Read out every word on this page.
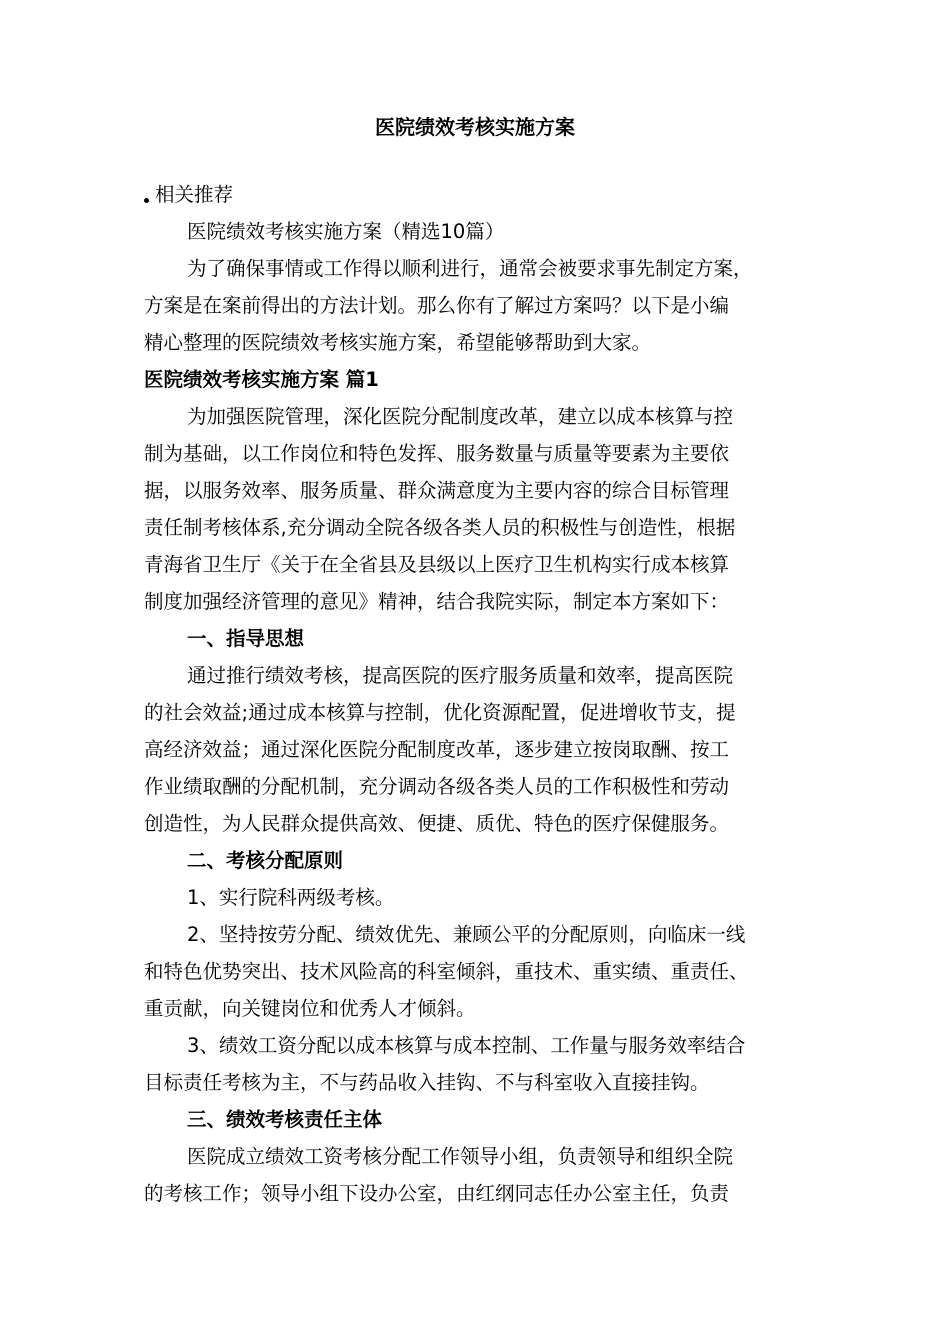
医院绩效考核实施方案
相关推荐
医院绩效考核实施方案（精选10篇）
为了确保事情或工作得以顺利进行，通常会被要求事先制定方案，
方案是在案前得出的方法计划。那么你有了解过方案吗？以下是小编
精心整理的医院绩效考核实施方案，希望能够帮助到大家。
医院绩效考核实施方案 篇1
为加强医院管理，深化医院分配制度改革，建立以成本核算与控
制为基础，以工作岗位和特色发挥、服务数量与质量等要素为主要依
据，以服务效率、服务质量、群众满意度为主要内容的综合目标管理
责任制考核体系,充分调动全院各级各类人员的积极性与创造性，根据
青海省卫生厅《关于在全省县及县级以上医疗卫生机构实行成本核算
制度加强经济管理的意见》精神，结合我院实际，制定本方案如下：
一、指导思想
通过推行绩效考核，提高医院的医疗服务质量和效率，提高医院
的社会效益;通过成本核算与控制，优化资源配置，促进增收节支，提
高经济效益；通过深化医院分配制度改革，逐步建立按岗取酬、按工
作业绩取酬的分配机制，充分调动各级各类人员的工作积极性和劳动
创造性，为人民群众提供高效、便捷、质优、特色的医疗保健服务。
二、考核分配原则
1、实行院科两级考核。
2、坚持按劳分配、绩效优先、兼顾公平的分配原则，向临床一线
和特色优势突出、技术风险高的科室倾斜，重技术、重实绩、重责任、
重贡献，向关键岗位和优秀人才倾斜。
3、绩效工资分配以成本核算与成本控制、工作量与服务效率结合
目标责任考核为主，不与药品收入挂钩、不与科室收入直接挂钩。
三、绩效考核责任主体
医院成立绩效工资考核分配工作领导小组，负责领导和组织全院
的考核工作；领导小组下设办公室，由红纲同志任办公室主任，负责
